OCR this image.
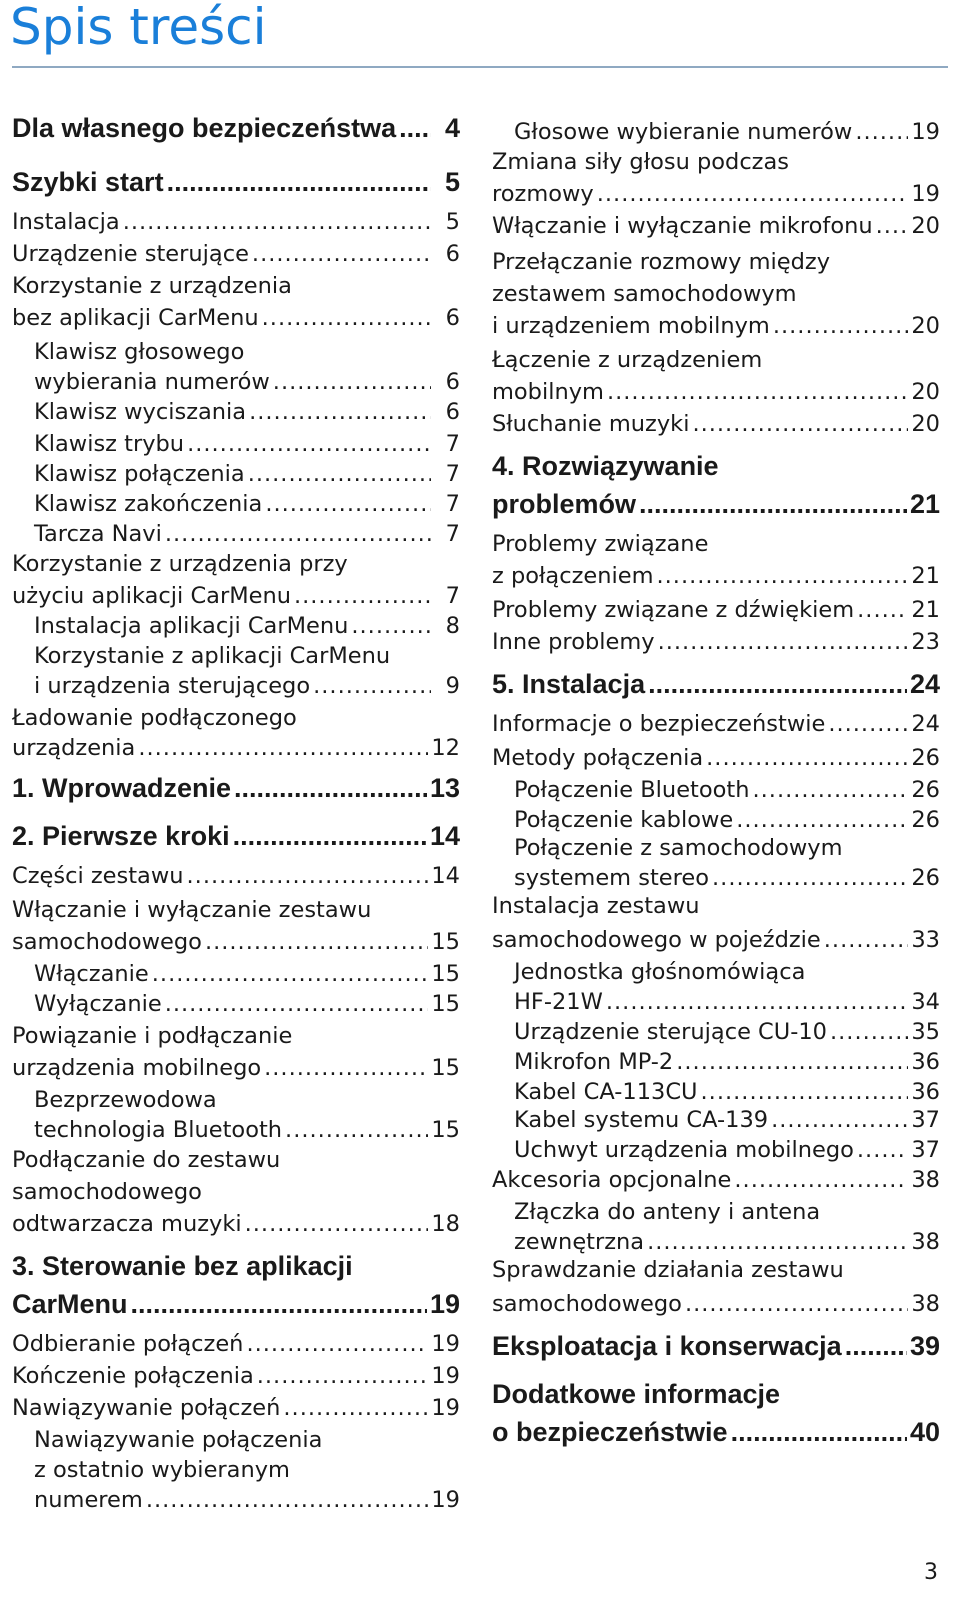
Spis treści
Dla własnego bezpieczeństwa .....	4
Szybki start .....	5
Instalacja .....	5
Urządzenie sterujące .....	6
Korzystanie z urządzenia
bez aplikacji CarMenu .....	6
Klawisz głosowego
wybierania numerów .....	6
Klawisz wyciszania .....	6
Klawisz trybu .....	7
Klawisz połączenia .....	7
Klawisz zakończenia .....	7
Tarcza Navi .....	7
Korzystanie z urządzenia przy
użyciu aplikacji CarMenu .....	7
Instalacja aplikacji CarMenu .....	8
Korzystanie z aplikacji CarMenu
i urządzenia sterującego .....	9
Ładowanie podłączonego
urządzenia .....	12
1. Wprowadzenie .....	13
2. Pierwsze kroki .....	14
Części zestawu .....	14
Włączanie i wyłączanie zestawu
samochodowego .....	15
Włączanie .....	15
Wyłączanie .....	15
Powiązanie i podłączanie
urządzenia mobilnego .....	15
Bezprzewodowa
technologia Bluetooth .....	15
Podłączanie do zestawu
samochodowego
odtwarzacza muzyki .....	18
3. Sterowanie bez aplikacji
CarMenu .....	19
Odbieranie połączeń .....	19
Kończenie połączenia .....	19
Nawiązywanie połączeń .....	19
Nawiązywanie połączenia
z ostatnio wybieranym
numerem .....	19
Głosowe wybieranie numerów .....	19
Zmiana siły głosu podczas
rozmowy .....	19
Włączanie i wyłączanie mikrofonu ..... 20
Przełączanie rozmowy między
zestawem samochodowym
i urządzeniem mobilnym .....	20
Łączenie z urządzeniem
mobilnym .....	20
Słuchanie muzyki .....	20
4. Rozwiązywanie
problemów .....	21
Problemy związane
z połączeniem .....	21
Problemy związane z dźwiękiem .....	21
Inne problemy .....	23
5. Instalacja .....	24
Informacje o bezpieczeństwie .....	24
Metody połączenia .....	26
Połączenie Bluetooth .....	26
Połączenie kablowe .....	26
Połączenie z samochodowym
systemem stereo .....	26
Instalacja zestawu
samochodowego w pojeździe .....	33
Jednostka głośnomówiąca
HF-21W .....	34
Urządzenie sterujące CU-10 .....	35
Mikrofon MP-2 .....	36
Kabel CA-113CU .....	36
Kabel systemu CA-139 .....	37
Uchwyt urządzenia mobilnego .....	37
Akcesoria opcjonalne .....	38
Złączka do anteny i antena
zewnętrzna .....	38
Sprawdzanie działania zestawu
samochodowego .....	38
Eksploatacja i konserwacja .....	39
Dodatkowe informacje
o bezpieczeństwie .....	40
3
